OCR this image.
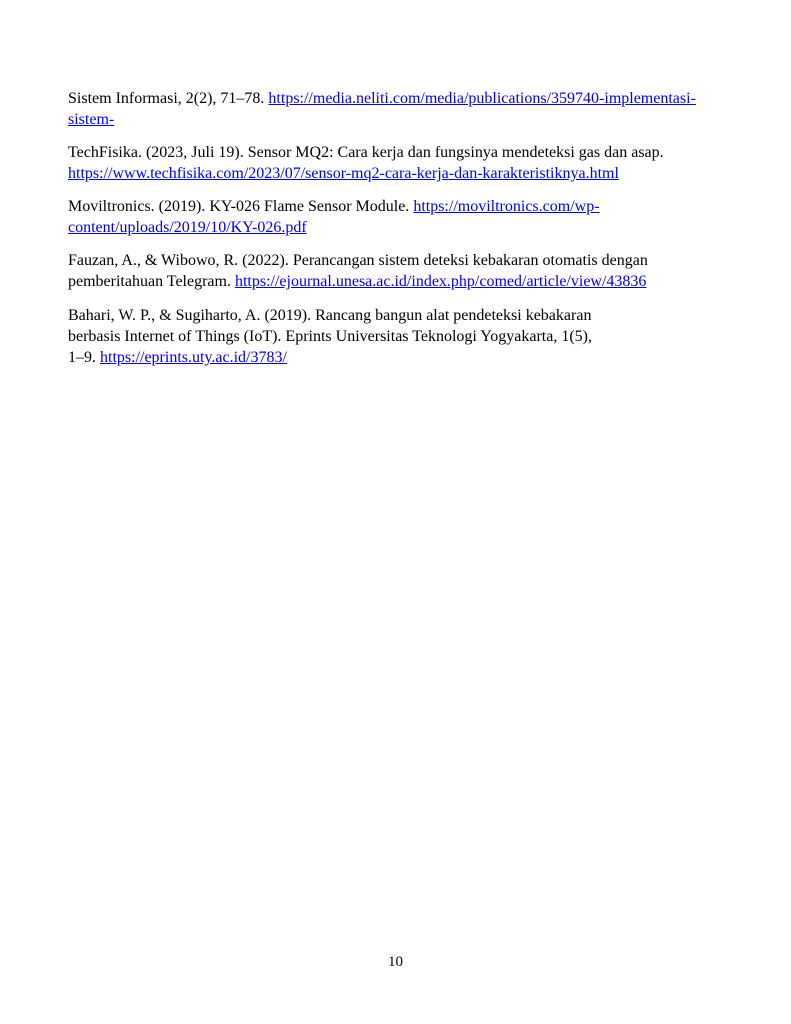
Sistem Informasi, 2(2), 71–78. https://media.neliti.com/media/publications/359740-implementasi-
sistem-

TechFisika. (2023, Juli 19). Sensor MQ2: Cara kerja dan fungsinya mendeteksi gas dan asap.
https://www.techfisika.com/2023/07/sensor-mq2-cara-kerja-dan-karakteristiknya.html

Moviltronics. (2019). KY-026 Flame Sensor Module. https://moviltronics.com/wp-
content/uploads/2019/10/KY-026.pdf

Fauzan, A., & Wibowo, R. (2022). Perancangan sistem deteksi kebakaran otomatis dengan
pemberitahuan Telegram. https://ejournal.unesa.ac.id/index.php/comed/article/view/43836

Bahari, W. P., & Sugiharto, A. (2019). Rancang bangun alat pendeteksi kebakaran
berbasis Internet of Things (IoT). Eprints Universitas Teknologi Yogyakarta, 1(5),
1–9. https://eprints.uty.ac.id/3783/

10
